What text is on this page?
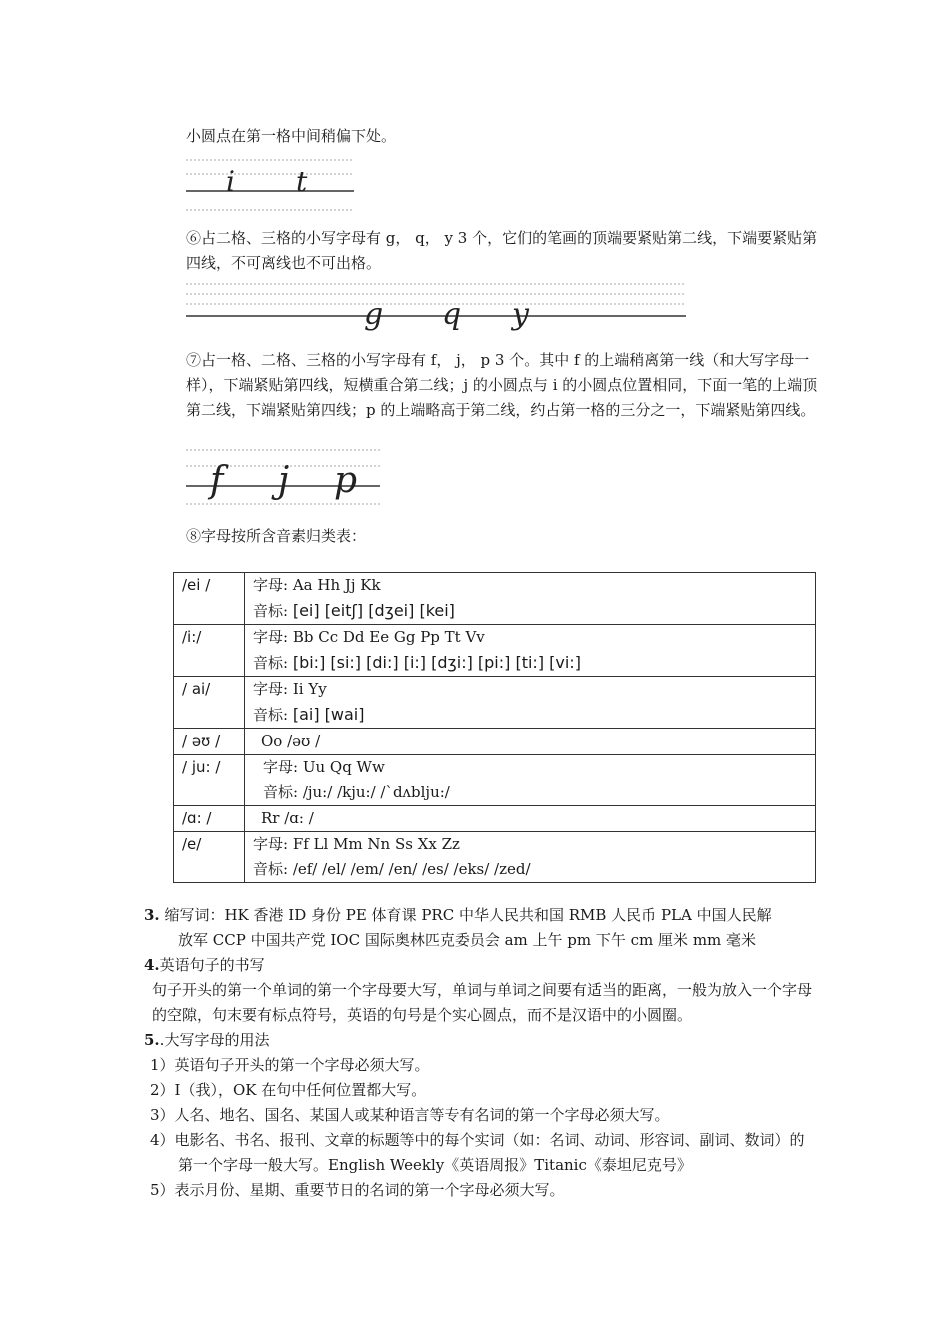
小圆点在第一格中间稍偏下处。
i t
⑥占二格、三格的小写字母有 g， q， y 3 个，它们的笔画的顶端要紧贴第二线，下端要紧贴第四线，不可离线也不可出格。
g q y
⑦占一格、二格、三格的小写字母有 f， j， p 3 个。其中 f 的上端稍离第一线（和大写字母一样），下端紧贴第四线，短横重合第二线；j 的小圆点与 i 的小圆点位置相同，下面一笔的上端顶第二线，下端紧贴第四线；p 的上端略高于第二线，约占第一格的三分之一，下端紧贴第四线。
f j p
⑧字母按所含音素归类表：
/ei /	字母: Aa Hh Jj Kk
音标: [ei] [eitʃ] [dʒei] [kei]

/i:/	字母: Bb Cc Dd Ee Gg Pp Tt Vv
音标: [bi:] [si:] [di:] [i:] [dʒi:] [pi:] [ti:] [vi:]

/ ai/	字母: Ii Yy
音标: [ai] [wai]

/ əʊ /	Oo /əʊ /
/ ju: /	字母: Uu Qq Ww
音标: /ju:/ /kju:/ /ˋdʌblju:/

/ɑ: /	Rr /ɑ: /
/e/	字母: Ff Ll Mm Nn Ss Xx Zz
音标: /ef/ /el/ /em/ /en/ /es/ /eks/ /zed/
3. 缩写词：HK 香港 ID 身份 PE 体育课 PRC 中华人民共和国 RMB 人民币 PLA 中国人民解
放军 CCP 中国共产党 IOC 国际奥林匹克委员会 am 上午 pm 下午 cm 厘米 mm 毫米
4.英语句子的书写
句子开头的第一个单词的第一个字母要大写，单词与单词之间要有适当的距离，一般为放入一个字母的空隙，句末要有标点符号，英语的句号是个实心圆点，而不是汉语中的小圆圈。
5..大写字母的用法
1）英语句子开头的第一个字母必须大写。
2）I（我），OK 在句中任何位置都大写。
3）人名、地名、国名、某国人或某种语言等专有名词的第一个字母必须大写。
4）电影名、书名、报刊、文章的标题等中的每个实词（如：名词、动词、形容词、副词、数词）的
第一个字母一般大写。English Weekly《英语周报》Titanic《泰坦尼克号》
5）表示月份、星期、重要节日的名词的第一个字母必须大写。
